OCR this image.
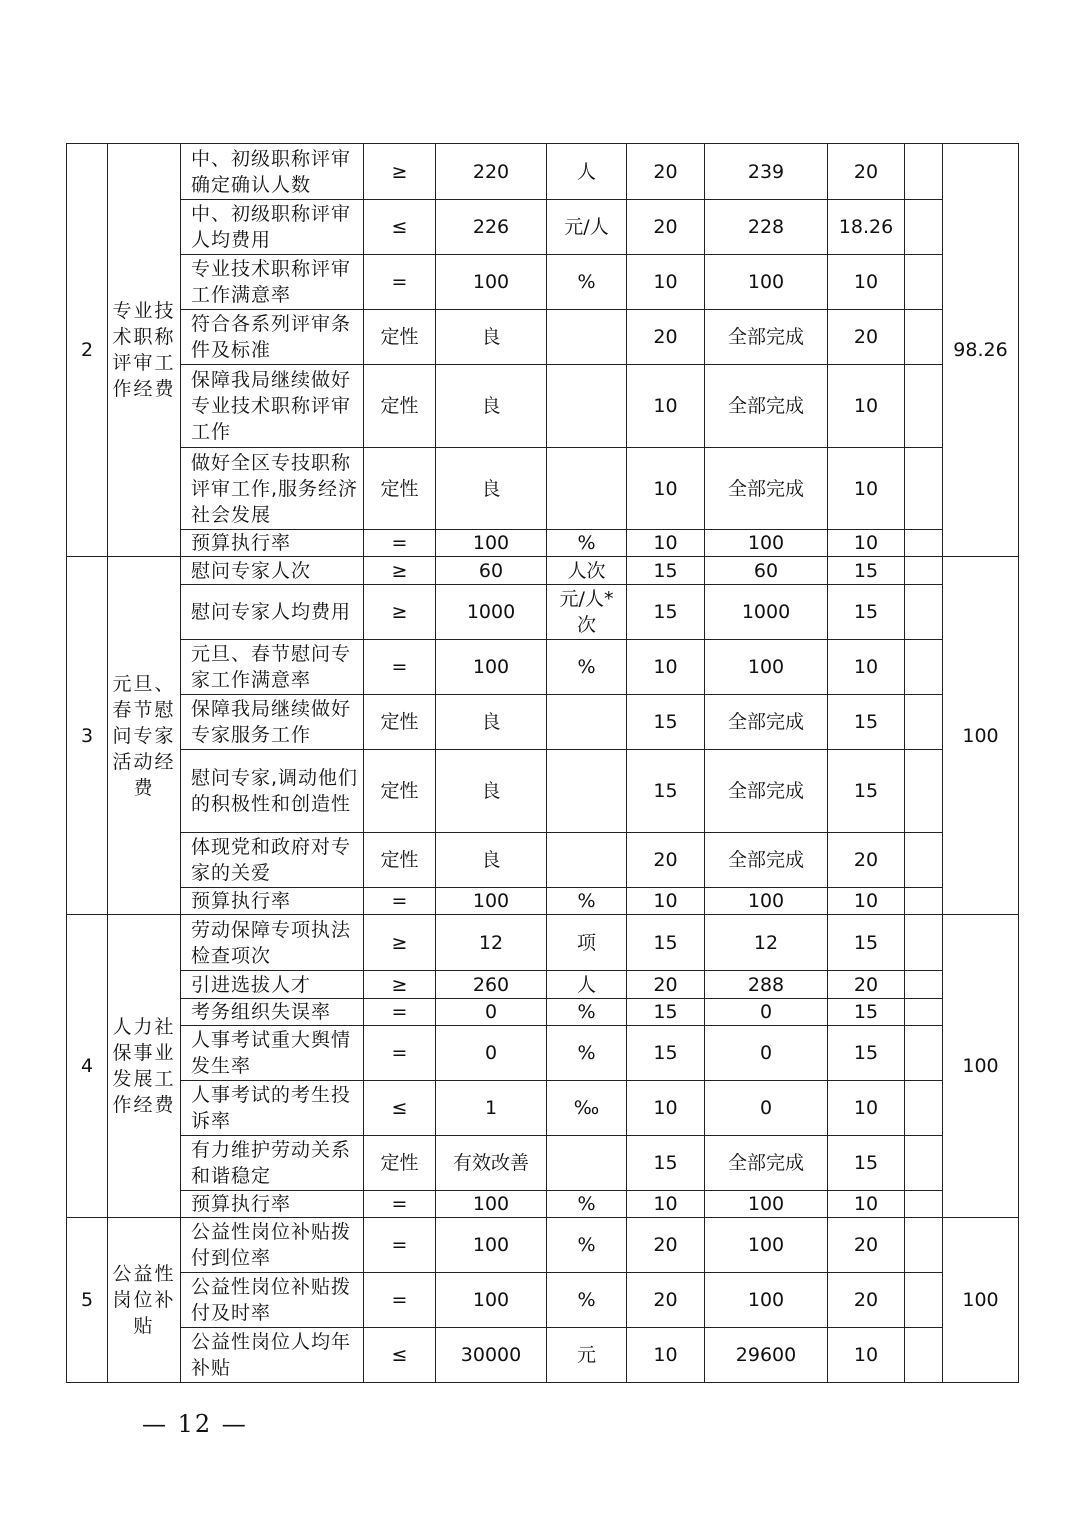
2	专业技术职称评审工作经费	中、初级职称评审确定确认人数	≥	220	人	20	239	20		98.26
		中、初级职称评审人均费用	≤	226	元/人	20	228	18.26		
		专业技术职称评审工作满意率	=	100	%	10	100	10		
		符合各系列评审条件及标准	定性	良		20	全部完成	20		
		保障我局继续做好专业技术职称评审工作	定性	良		10	全部完成	10		
		做好全区专技职称评审工作,服务经济社会发展	定性	良		10	全部完成	10		
		预算执行率	=	100	%	10	100	10		
3	元旦、春节慰问专家活动经费	慰问专家人次	≥	60	人次	15	60	15		100
		慰问专家人均费用	≥	1000	元/人*次	15	1000	15		
		元旦、春节慰问专家工作满意率	=	100	%	10	100	10		
		保障我局继续做好专家服务工作	定性	良		15	全部完成	15		
		慰问专家,调动他们的积极性和创造性	定性	良		15	全部完成	15		
		体现党和政府对专家的关爱	定性	良		20	全部完成	20		
		预算执行率	=	100	%	10	100	10		
4	人力社保事业发展工作经费	劳动保障专项执法检查项次	≥	12	项	15	12	15		100
		引进选拔人才	≥	260	人	20	288	20		
		考务组织失误率	=	0	%	15	0	15		
		人事考试重大舆情发生率	=	0	%	15	0	15		
		人事考试的考生投诉率	≤	1	‰	10	0	10		
		有力维护劳动关系和谐稳定	定性	有效改善		15	全部完成	15		
		预算执行率	=	100	%	10	100	10		
5	公益性岗位补贴	公益性岗位补贴拨付到位率	=	100	%	20	100	20		100
		公益性岗位补贴拨付及时率	=	100	%	20	100	20		
		公益性岗位人均年补贴	≤	30000	元	10	29600	10		
— 12 —
